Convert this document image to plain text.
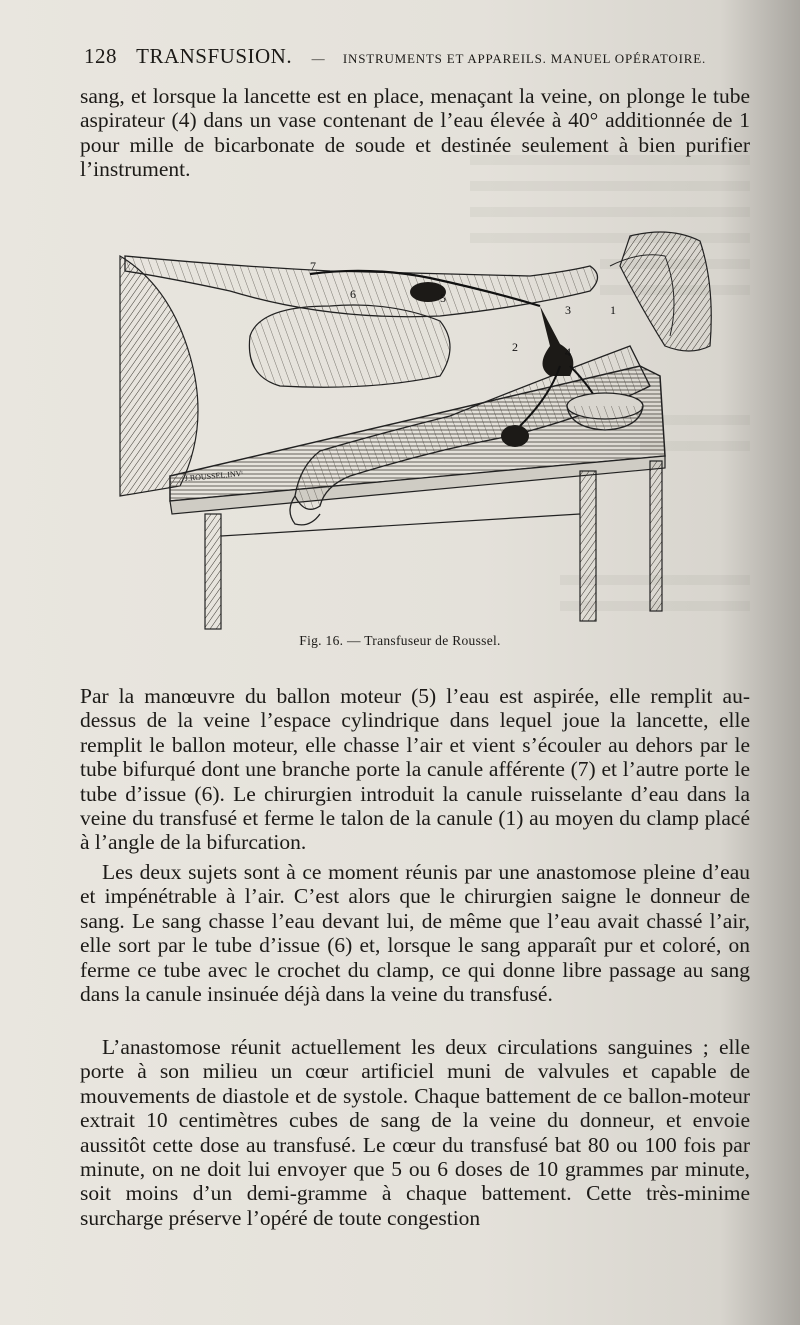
128 TRANSFUSION. — INSTRUMENTS ET APPAREILS. MANUEL OPÉRATOIRE.

sang, et lorsque la lancette est en place, menaçant la veine, on plonge le tube aspirateur (4) dans un vase contenant de l’eau élevée à 40° additionnée de 1 pour mille de bicarbonate de soude et destinée seulement à bien purifier l’instrument.

7
6	5
3	1
2	4
J.ROUSSEL.INVᵗ
Fig. 16. — Transfuseur de Roussel.

Par la manœuvre du ballon moteur (5) l’eau est aspirée, elle remplit au-dessus de la veine l’espace cylindrique dans lequel joue la lancette, elle remplit le ballon moteur, elle chasse l’air et vient s’écouler au dehors par le tube bifurqué dont une branche porte la canule afférente (7) et l’autre porte le tube d’issue (6). Le chirurgien introduit la canule ruisselante d’eau dans la veine du transfusé et ferme le talon de la canule (1) au moyen du clamp placé à l’angle de la bifurcation.

Les deux sujets sont à ce moment réunis par une anastomose pleine d’eau et impénétrable à l’air. C’est alors que le chirurgien saigne le donneur de sang. Le sang chasse l’eau devant lui, de même que l’eau avait chassé l’air, elle sort par le tube d’issue (6) et, lorsque le sang apparaît pur et coloré, on ferme ce tube avec le crochet du clamp, ce qui donne libre passage au sang dans la canule insinuée déjà dans la veine du transfusé.

L’anastomose réunit actuellement les deux circulations sanguines ; elle porte à son milieu un cœur artificiel muni de valvules et capable de mouvements de diastole et de systole. Chaque battement de ce ballon-moteur extrait 10 centimètres cubes de sang de la veine du donneur, et envoie aussitôt cette dose au transfusé. Le cœur du transfusé bat 80 ou 100 fois par minute, on ne doit lui envoyer que 5 ou 6 doses de 10 grammes par minute, soit moins d’un demi-gramme à chaque battement. Cette très-minime surcharge préserve l’opéré de toute congestion
